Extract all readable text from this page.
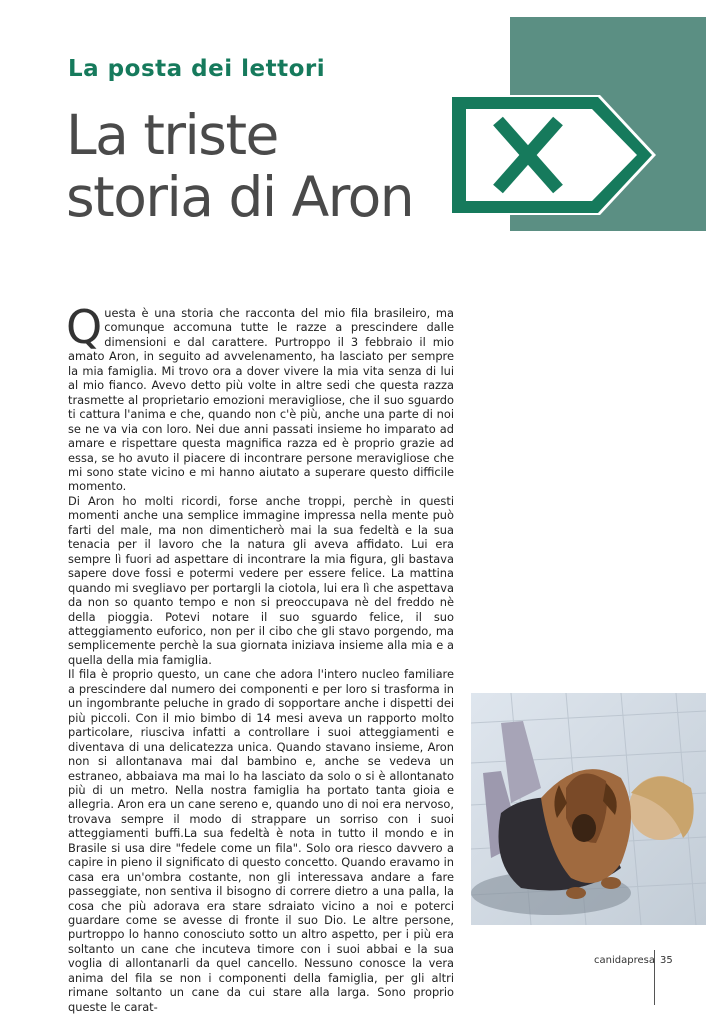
La posta dei lettori
La triste
storia di Aron

Questa è una storia che racconta del mio fila brasileiro, ma comunque accomuna tutte le razze a prescindere dalle dimensioni e dal carattere. Purtroppo il 3 febbraio il mio amato Aron, in seguito ad avvelenamento, ha lasciato per sempre la mia famiglia. Mi trovo ora a dover vivere la mia vita senza di lui al mio fianco. Avevo detto più volte in altre sedi che questa razza trasmette al proprietario emozioni meravigliose, che il suo sguardo ti cattura l'anima e che, quando non c'è più, anche una parte di noi se ne va via con loro. Nei due anni passati insieme ho imparato ad amare e rispettare questa magnifica razza ed è proprio grazie ad essa, se ho avuto il piacere di incontrare persone meravigliose che mi sono state vicino e mi hanno aiutato a superare questo difficile momento.

Di Aron ho molti ricordi, forse anche troppi, perchè in questi momenti anche una semplice immagine impressa nella mente può farti del male, ma non dimenticherò mai la sua fedeltà e la sua tenacia per il lavoro che la natura gli aveva affidato. Lui era sempre lì fuori ad aspettare di incontrare la mia figura, gli bastava sapere dove fossi e potermi vedere per essere felice. La mattina quando mi svegliavo per portargli la ciotola, lui era lì che aspettava da non so quanto tempo e non si preoccupava nè del freddo nè della pioggia. Potevi notare il suo sguardo felice, il suo atteggiamento euforico, non per il cibo che gli stavo porgendo, ma semplicemente perchè la sua giornata iniziava insieme alla mia e a quella della mia famiglia.

Il fila è proprio questo, un cane che adora l'intero nucleo familiare a prescindere dal numero dei componenti e per loro si trasforma in un ingombrante peluche in grado di sopportare anche i dispetti dei più piccoli. Con il mio bimbo di 14 mesi aveva un rapporto molto particolare, riusciva infatti a controllare i suoi atteggiamenti e diventava di una delicatezza unica. Quando stavano insieme, Aron non si allontanava mai dal bambino e, anche se vedeva un estraneo, abbaiava ma mai lo ha lasciato da solo o si è allontanato più di un metro. Nella nostra famiglia ha portato tanta gioia e allegria. Aron era un cane sereno e, quando uno di noi era nervoso, trovava sempre il modo di strappare un sorriso con i suoi atteggiamenti buffi.La sua fedeltà è nota in tutto il mondo e in Brasile si usa dire "fedele come un fila". Solo ora riesco davvero a capire in pieno il significato di questo concetto. Quando eravamo in casa era un'ombra costante, non gli interessava andare a fare passeggiate, non sentiva il bisogno di correre dietro a una palla, la cosa che più adorava era stare sdraiato vicino a noi e poterci guardare come se avesse di fronte il suo Dio. Le altre persone, purtroppo lo hanno conosciuto sotto un altro aspetto, per i più era soltanto un cane che incuteva timore con i suoi abbai e la sua voglia di allontanarli da quel cancello. Nessuno conosce la vera anima del fila se non i componenti della famiglia, per gli altri rimane soltanto un cane da cui stare alla larga. Sono proprio queste le carat-

canidapresa 35
